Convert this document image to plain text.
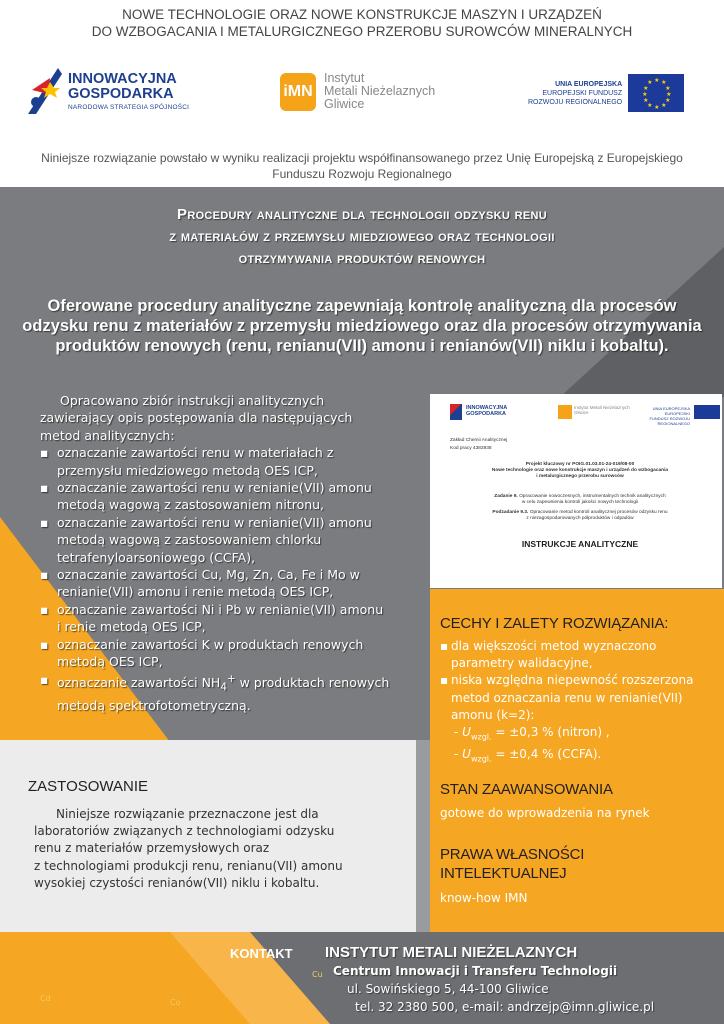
NOWE TECHNOLOGIE ORAZ NOWE KONSTRUKCJE MASZYN I URZĄDZEŃ
DO WZBOGACANIA I METALURGICZNEGO PRZEROBU SUROWCÓW MINERALNYCH
INNOWACYJNA
GOSPODARKA
NARODOWA STRATEGIA SPÓJNOŚCI
iMN
Instytut
Metali Nieżelaznych
Gliwice
UNIA EUROPEJSKA
EUROPEJSKI FUNDUSZ
ROZWOJU REGIONALNEGO
★ ★
★
★
★
★
★
★
★
★
★
★
Niniejsze rozwiązanie powstało w wyniku realizacji projektu współfinansowanego przez Unię Europejską z Europejskiego
Funduszu Rozwoju Regionalnego
Procedury analityczne dla technologii odzysku renu
z materiałów z przemysłu miedziowego oraz technologii
otrzymywania produktów renowych
Oferowane procedury analityczne zapewniają kontrolę analityczną dla procesów
odzysku renu z materiałów z przemysłu miedziowego oraz dla procesów otrzymywania
produktów renowych (renu, renianu(VII) amonu i renianów(VII) niklu i kobaltu).

Opracowano zbiór instrukcji analitycznych zawierający opis postępowania dla następujących metod analitycznych:

▪ oznaczanie zawartości renu w materiałach z przemysłu miedziowego metodą OES ICP,
▪ oznaczanie zawartości renu w renianie(VII) amonu metodą wagową z zastosowaniem nitronu,
▪ oznaczanie zawartości renu w renianie(VII) amonu metodą wagową z zastosowaniem chlorku tetrafenyloarsoniowego (CCFA),
▪ oznaczanie zawartości Cu, Mg, Zn, Ca, Fe i Mo w renianie(VII) amonu i renie metodą OES ICP,
▪ oznaczanie zawartości Ni i Pb w renianie(VII) amonu i renie metodą OES ICP,
▪ oznaczanie zawartości K w produktach renowych metodą OES ICP,
▪ oznaczanie zawartości $NH_4^+$ w produktach renowych metodą spektrofotometryczną.
INNOWACYJNA GOSPODARKA
Instytut Metali Nieżelaznych Gliwice
UNIA EUROPEJSKA EUROPEJSKI FUNDUSZ ROZWOJU REGIONALNEGO
Zakład Chemii Analitycznej
Kod pracy 4383938
Projekt kluczowy nr POIG.01.03.01-24-019/08-00
Nowe technologie oraz nowe konstrukcje maszyn i urządzeń do wzbogacania
i metalurgicznego przerobu surowców
Zadanie 9. Opracowanie nowoczesnych, instrumentalnych technik analitycznych
w celu zapewnienia kontroli jakości nowych technologii
Podzadanie 9.3. Opracowanie metod kontroli analitycznej procesów odzysku renu
z niezagospodarowanych półproduktów i odpadów
INSTRUKCJE ANALITYCZNE
CECHY I ZALETY ROZWIĄZANIA:
▪ dla większości metod wyznaczono
parametry walidacyjne,
▪ niska względna niepewność rozszerzona
metod oznaczania renu w renianie(VII)
amonu (k=2):
- $U_{wzgl.} = \pm 0,3$ % (nitron) ,
- $U_{wzgl.} = \pm 0,4$ % (CCFA).
STAN ZAAWANSOWANIA
gotowe do wprowadzenia na rynek
PRAWA WŁASNOŚCI
INTELEKTUALNEJ
know-how IMN
ZASTOSOWANIE
Niniejsze rozwiązanie przeznaczone jest dla
laboratoriów związanych z technologiami odzysku
renu z materiałów przemysłowych oraz
z technologiami produkcji renu, renianu(VII) amonu
wysokiej czystości renianów(VII) niklu i kobaltu.
Cu
Cd	Co
KONTAKT INSTYTUT METALI NIEŻELAZNYCH
Centrum Innowacji i Transferu Technologii
ul. Sowińskiego 5, 44-100 Gliwice
tel. 32 2380 500, e-mail: andrzejp@imn.gliwice.pl
